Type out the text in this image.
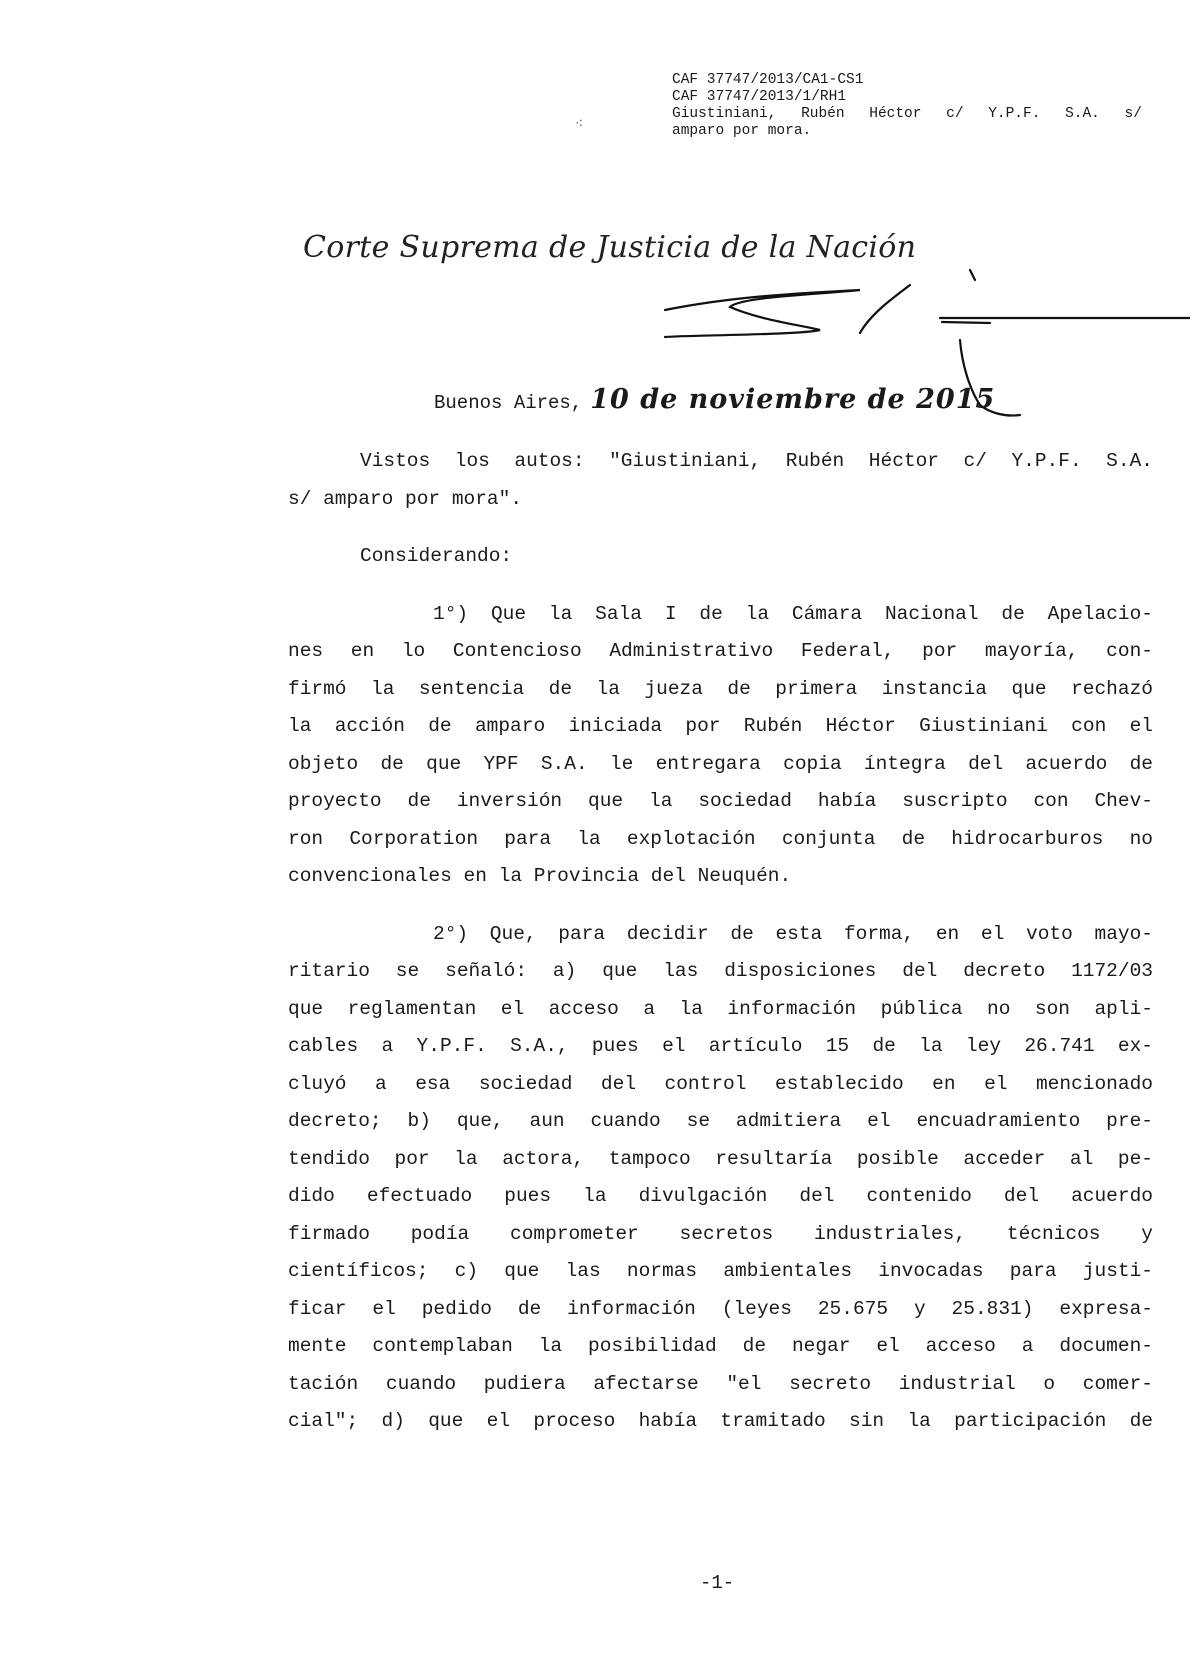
CAF 37747/2013/CA1-CS1
CAF 37747/2013/1/RH1
Giustiniani, Rubén Héctor c/ Y.P.F. S.A. s/
amparo por mora.
⁖
Corte Suprema de Justicia de la Nación
Buenos Aires, 10 de noviembre de 2015
Vistos los autos: "Giustiniani, Rubén Héctor c/ Y.P.F. S.A.
s/ amparo por mora".
Considerando:
1°) Que la Sala I de la Cámara Nacional de Apelacio-
nes en lo Contencioso Administrativo Federal, por mayoría, con-
firmó la sentencia de la jueza de primera instancia que rechazó
la acción de amparo iniciada por Rubén Héctor Giustiniani con el
objeto de que YPF S.A. le entregara copia íntegra del acuerdo de
proyecto de inversión que la sociedad había suscripto con Chev-
ron Corporation para la explotación conjunta de hidrocarburos no
convencionales en la Provincia del Neuquén.
2°) Que, para decidir de esta forma, en el voto mayo-
ritario se señaló: a) que las disposiciones del decreto 1172/03
que reglamentan el acceso a la información pública no son apli-
cables a Y.P.F. S.A., pues el artículo 15 de la ley 26.741 ex-
cluyó a esa sociedad del control establecido en el mencionado
decreto; b) que, aun cuando se admitiera el encuadramiento pre-
tendido por la actora, tampoco resultaría posible acceder al pe-
dido efectuado pues la divulgación del contenido del acuerdo
firmado podía comprometer secretos industriales, técnicos y
científicos; c) que las normas ambientales invocadas para justi-
ficar el pedido de información (leyes 25.675 y 25.831) expresa-
mente contemplaban la posibilidad de negar el acceso a documen-
tación cuando pudiera afectarse "el secreto industrial o comer-
cial"; d) que el proceso había tramitado sin la participación de
-1-
